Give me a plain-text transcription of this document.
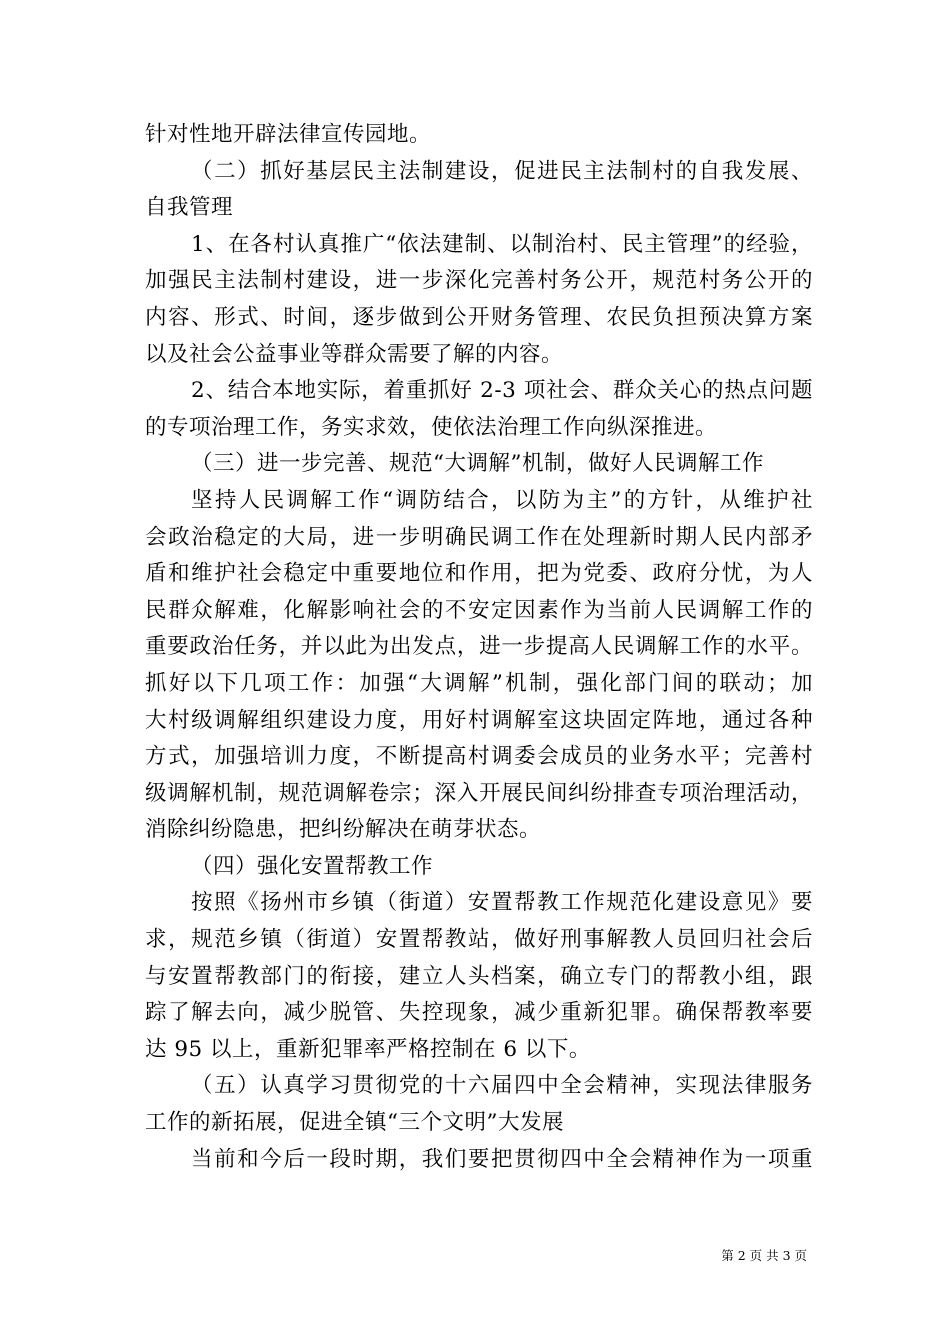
针对性地开辟法律宣传园地。
（二）抓好基层民主法制建设，促进民主法制村的自我发展、
自我管理
1、在各村认真推广“依法建制、以制治村、民主管理”的经验，
加强民主法制村建设，进一步深化完善村务公开，规范村务公开的
内容、形式、时间，逐步做到公开财务管理、农民负担预决算方案
以及社会公益事业等群众需要了解的内容。
2、结合本地实际，着重抓好 2-3 项社会、群众关心的热点问题
的专项治理工作，务实求效，使依法治理工作向纵深推进。
（三）进一步完善、规范“大调解”机制，做好人民调解工作
坚持人民调解工作“调防结合，以防为主”的方针，从维护社
会政治稳定的大局，进一步明确民调工作在处理新时期人民内部矛
盾和维护社会稳定中重要地位和作用，把为党委、政府分忧，为人
民群众解难，化解影响社会的不安定因素作为当前人民调解工作的
重要政治任务，并以此为出发点，进一步提高人民调解工作的水平。
抓好以下几项工作：加强“大调解”机制，强化部门间的联动；加
大村级调解组织建设力度，用好村调解室这块固定阵地，通过各种
方式，加强培训力度，不断提高村调委会成员的业务水平；完善村
级调解机制，规范调解卷宗；深入开展民间纠纷排查专项治理活动，
消除纠纷隐患，把纠纷解决在萌芽状态。
（四）强化安置帮教工作
按照《扬州市乡镇（街道）安置帮教工作规范化建设意见》要
求，规范乡镇（街道）安置帮教站，做好刑事解教人员回归社会后
与安置帮教部门的衔接，建立人头档案，确立专门的帮教小组，跟
踪了解去向，减少脱管、失控现象，减少重新犯罪。确保帮教率要
达 95 以上，重新犯罪率严格控制在 6 以下。
（五）认真学习贯彻党的十六届四中全会精神，实现法律服务
工作的新拓展，促进全镇“三个文明”大发展
当前和今后一段时期，我们要把贯彻四中全会精神作为一项重
第 2 页 共 3 页
